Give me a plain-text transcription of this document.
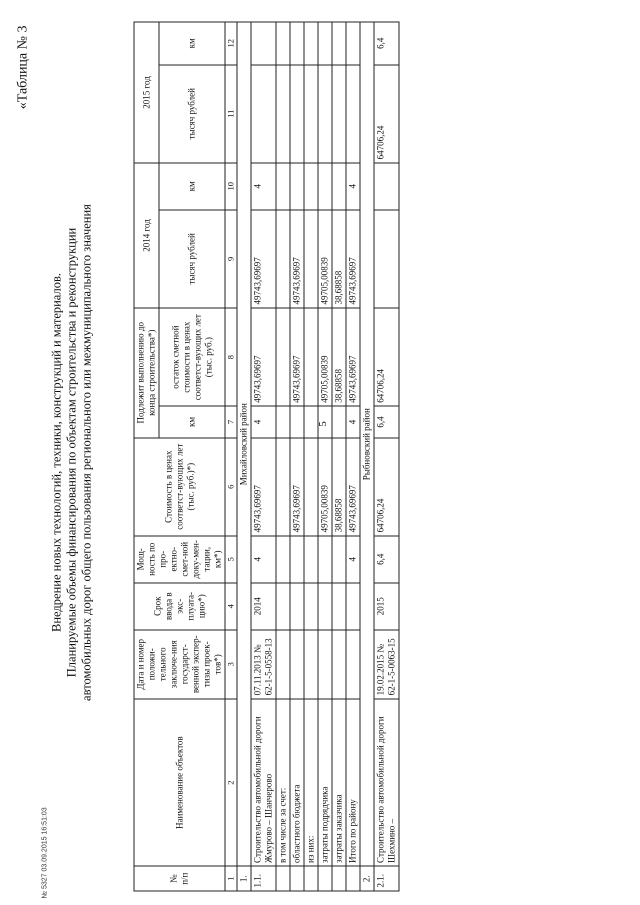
5
№ 5327 03.09.2015 16:51:03
«Таблица № 3
Внедрение новых технологий, техники, конструкций и материалов. Планируемые объемы финансирования по объектам строительства и реконструкции автомобильных дорог общего пользования регионального или межмуниципального значения
№ п/п	Наименование объектов	Дата и номер положи-тельного заключе-ния государст-венной экспер-тизы проек-тов*)	Срок ввода в экс-плуата-цию*)	Мощ-ность по про-ектно-смет-ной доку-мен-тации, км*)	Стоимость в ценах соответст-вующих лет (тыс. руб.)*)	Подлежит выполнению до конца строительства*)		2014 год		2015 год	
						км	остаток сметной стоимости в ценах соответст-вующих лет (тыс. руб.)	тысяч рублей	км	тысяч рублей	км

1	2	3	4	5	6	7	8	9	10	11	12
1.	Михайловский район										
1.1.	Строительство автомобильной дороги Жмурово – Шанчерово	07.11.2013 № 62-1-5-0558-13	2014	4	49743,69697	4	49743,69697	49743,69697	4		
	в том числе за счет:										
	областного бюджета				49743,69697		49743,69697	49743,69697			
	из них:										
	затраты подрядчика				49705,00839		49705,00839	49705,00839			
	затраты заказчика				38,68858		38,68858	38,68858			
	Итого по району			4	49743,69697	4	49743,69697	49743,69697	4		
2.	Рыбновский район										
2.1.	Строительство автомобильной дороги Шехмино –	19.02.2015 № 62-1-5-0063-15	2015	6,4	64706,24	6,4	64706,24			64706,24	6,4
